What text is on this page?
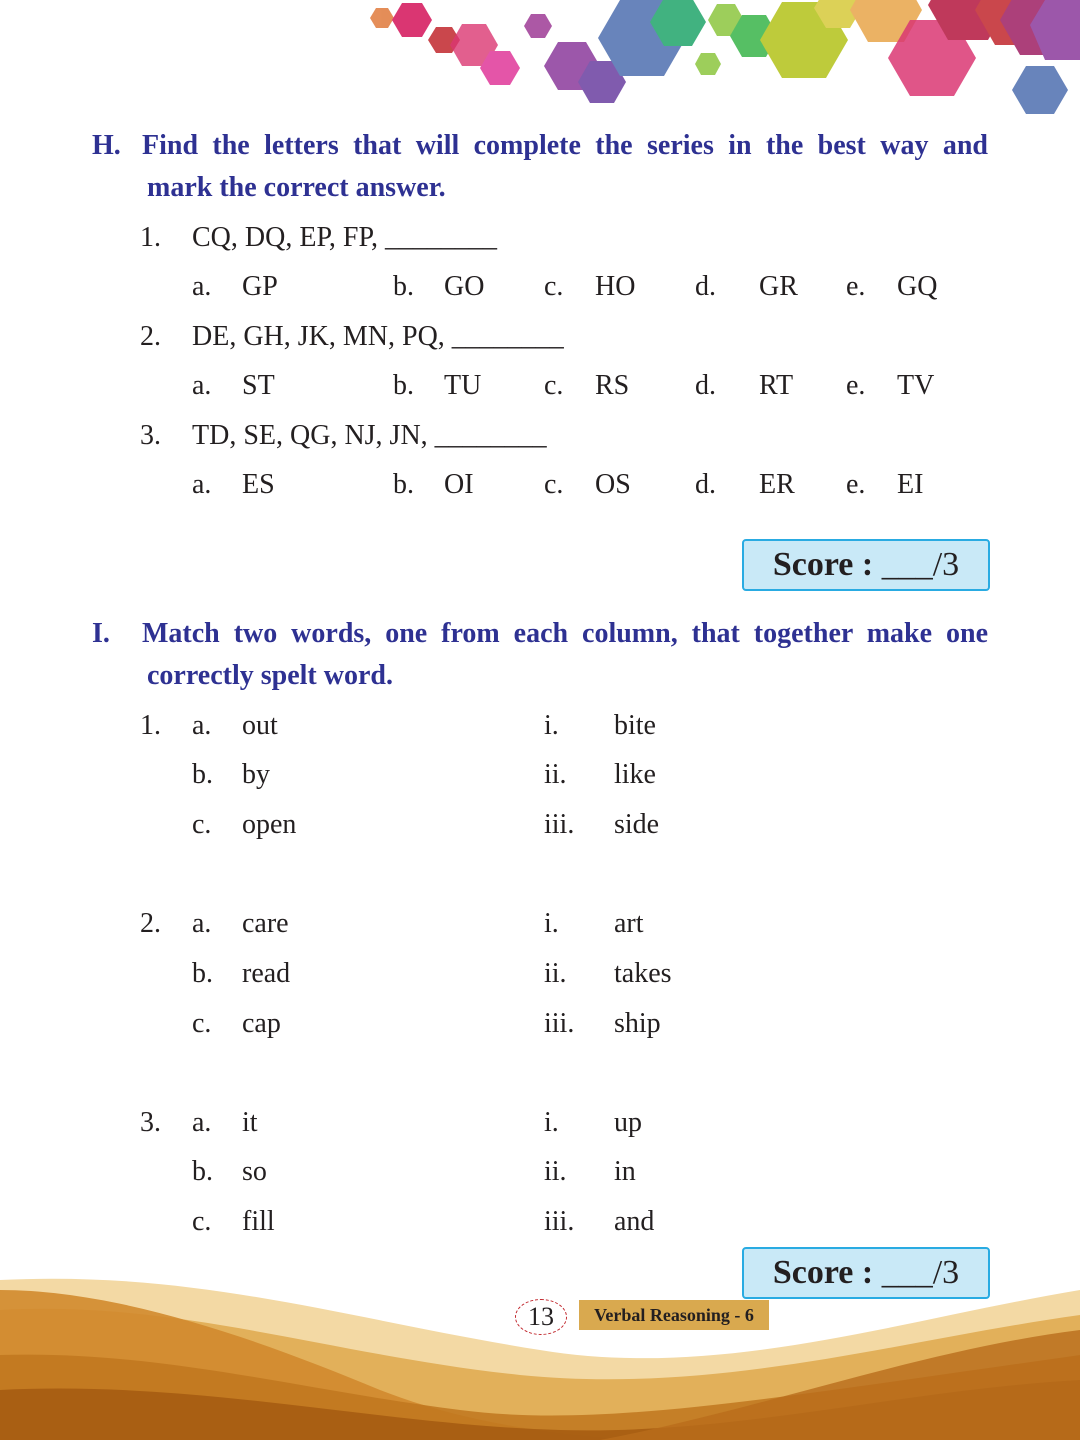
H. Find the letters that will complete the series in the best way and
mark the correct answer.
1. CQ, DQ, EP, FP, ________
a. GP	b. GO c. HO d. GR e. GQ
2. DE, GH, JK, MN, PQ, ________
a. ST	b. TU c. RS d. RT e. TV
3. TD, SE, QG, NJ, JN, ________
a. ES	b. OI	c. OS d. ER e. EI
Score : ___/3
I. Match two words, one from each column, that together make one
correctly spelt word.
1. a. out	i. bite
b. by	ii. like
c. open	iii. side
2. a. care	i. art
b. read	ii. takes
c. cap	iii. ship
3. a. it	i. up
b. so	ii. in
c. fill	iii. and
Score : ___/3
13	Verbal Reasoning - 6
